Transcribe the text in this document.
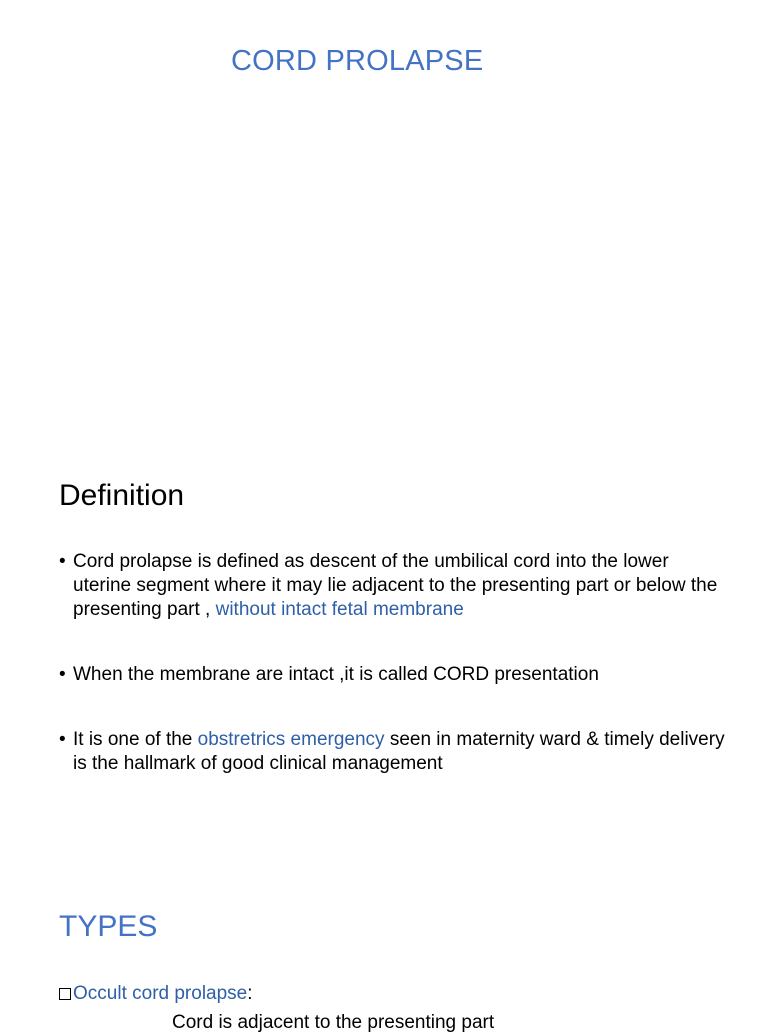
CORD PROLAPSE
Definition
• Cord prolapse is defined as descent of the umbilical cord into the lower uterine segment where it may lie adjacent to the presenting part or below the presenting part , without intact fetal membrane
• When the membrane are intact ,it is called CORD presentation
• It is one of the obstretrics emergency seen in maternity ward & timely delivery is the hallmark of good clinical management
TYPES
Occult cord prolapse:
Cord is adjacent to the presenting part
